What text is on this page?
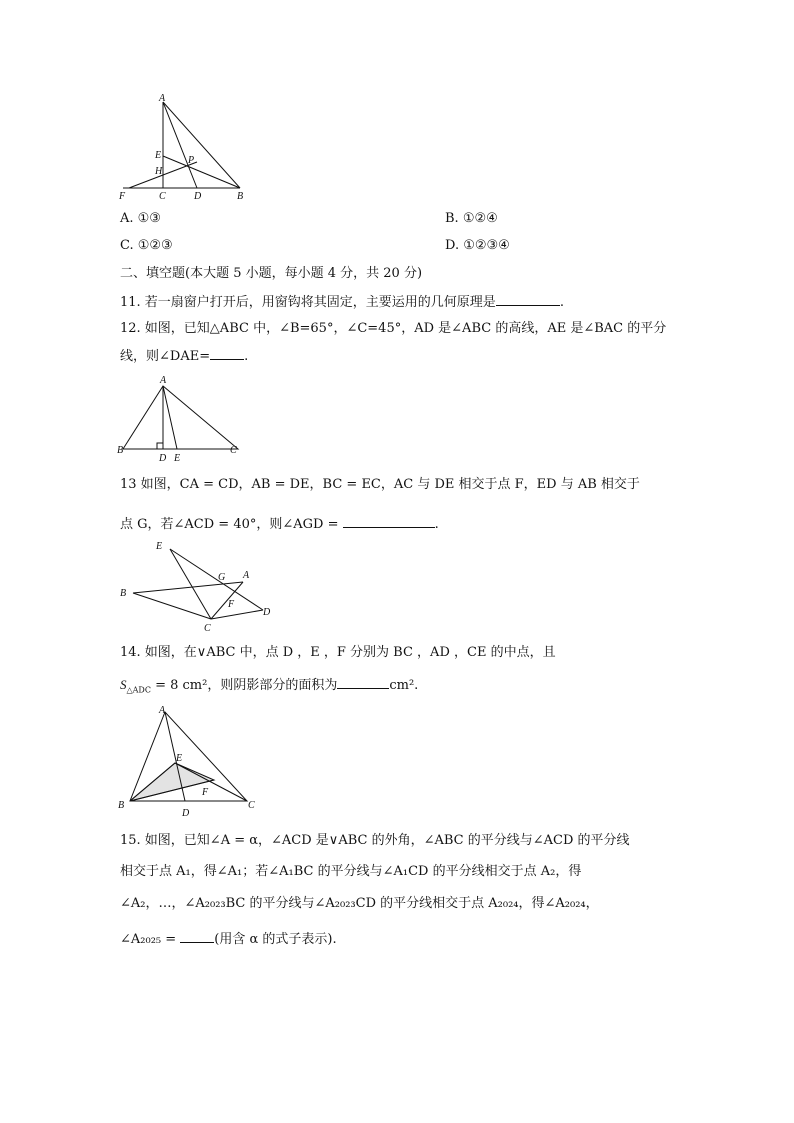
A
E	P
H
F	C	D	B
A. ①③	B. ①②④
C. ①②③	D. ①②③④
二、填空题(本大题 5 小题，每小题 4 分，共 20 分)
11. 若一扇窗户打开后，用窗钩将其固定，主要运用的几何原理是	.
12. 如图，已知△ABC 中，∠B=65°，∠C=45°，AD 是∠ABC 的高线，AE 是∠BAC 的平分
线，则∠DAE=	.
A
B
D E
C
13 如图，CA = CD，AB = DE，BC = EC，AC 与 DE 相交于点 F，ED 与 AB 相交于
点 G，若∠ACD = 40°，则∠AGD =	.
E
G A
B
F
D
C
14. 如图，在∨ABC 中，点 D ，E ，F 分别为 BC ，AD ，CE 的中点，且
$S_{\triangle ADC} = 8$ cm²，则阴影部分的面积为	cm².
A
E
F
B
D
C
15. 如图，已知∠A = α，∠ACD 是∨ABC 的外角，∠ABC 的平分线与∠ACD 的平分线
相交于点 A₁，得∠A₁；若∠A₁BC 的平分线与∠A₁CD 的平分线相交于点 A₂，得
∠A₂，…，∠A₂₀₂₃BC 的平分线与∠A₂₀₂₃CD 的平分线相交于点 A₂₀₂₄，得∠A₂₀₂₄，
∠A₂₀₂₅ =	(用含 α 的式子表示).
